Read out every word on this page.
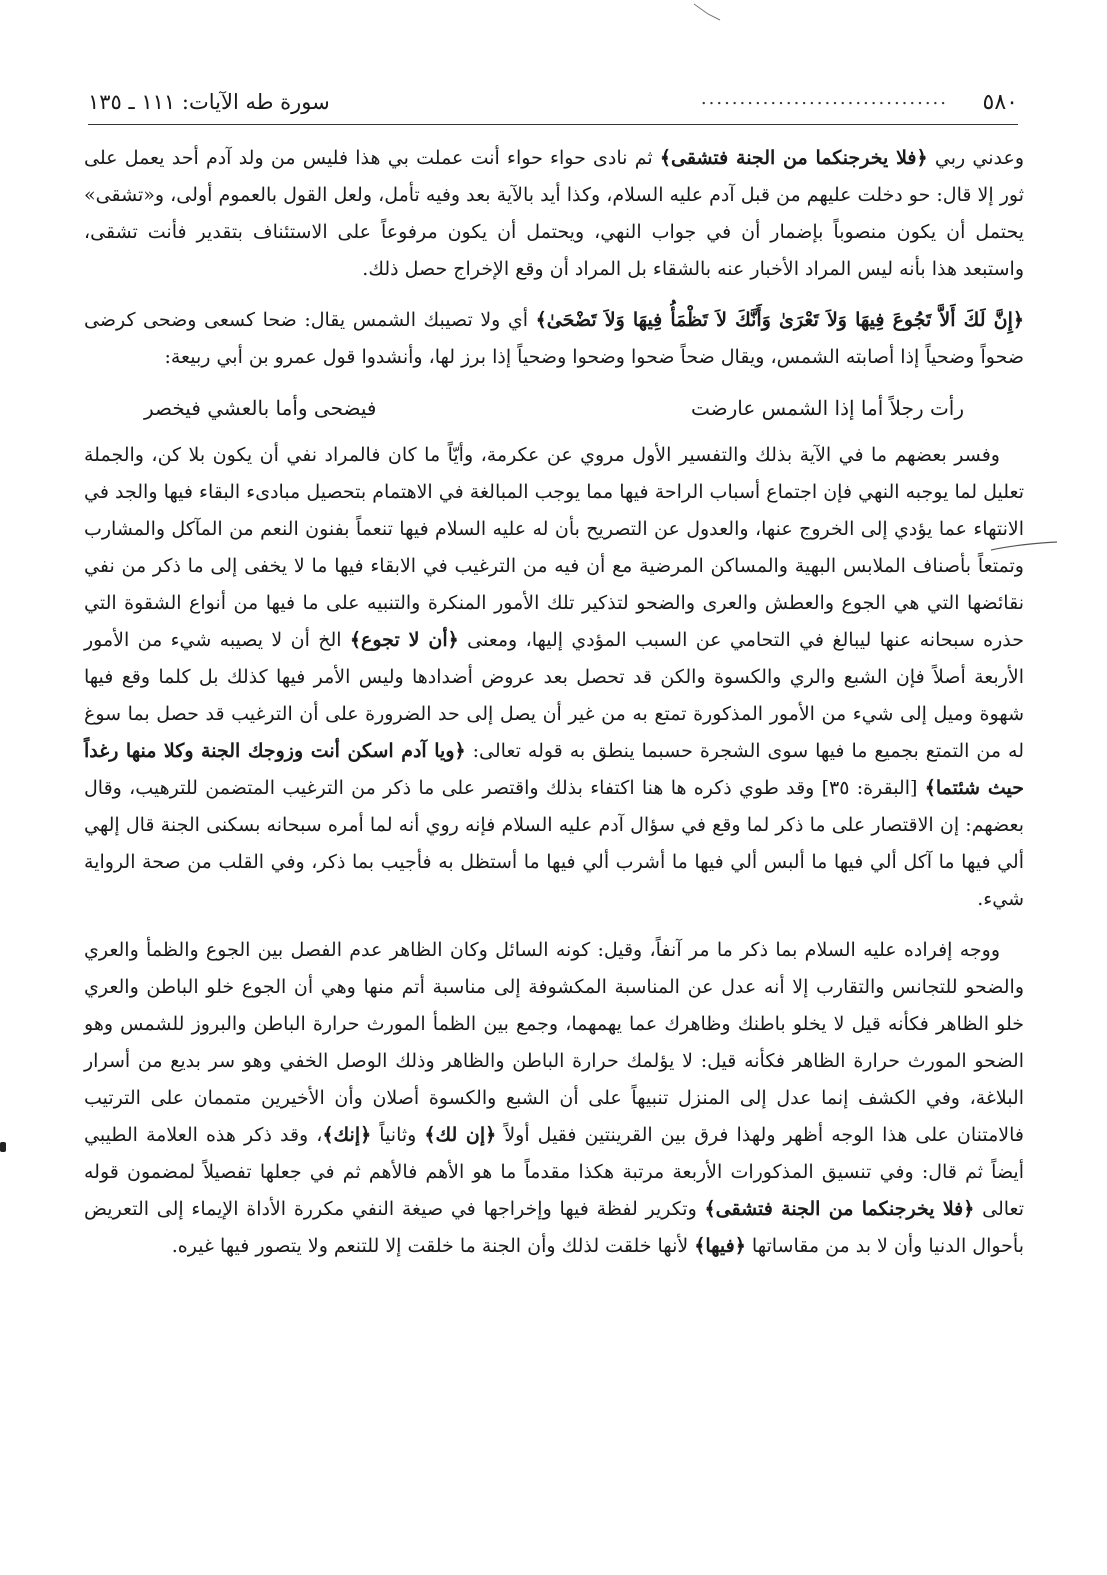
٥٨٠
................................
سورة طه الآيات: ١١١ ـ ١٣٥

وعدني ربي ﴿فلا يخرجنكما من الجنة فتشقى﴾ ثم نادى حواء حواء أنت عملت بي هذا فليس من ولد آدم أحد يعمل على ثور إلا قال: حو دخلت عليهم من قبل آدم عليه السلام، وكذا أيد بالآية بعد وفيه تأمل، ولعل القول بالعموم أولى، و«تشقى» يحتمل أن يكون منصوباً بإضمار أن في جواب النهي، ويحتمل أن يكون مرفوعاً على الاستئناف بتقدير فأنت تشقى، واستبعد هذا بأنه ليس المراد الأخبار عنه بالشقاء بل المراد أن وقع الإخراج حصل ذلك.

﴿إِنَّ لَكَ أَلاَّ تَجُوعَ فِيهَا وَلاَ تَعْرَىٰ وَأَنَّكَ لاَ تَظْمَأُ فِيهَا وَلاَ تَضْحَىٰ﴾ أي ولا تصيبك الشمس يقال: ضحا كسعى وضحى كرضى ضحواً وضحياً إذا أصابته الشمس، ويقال ضحاً ضحوا وضحوا وضحياً إذا برز لها، وأنشدوا قول عمرو بن أبي ربيعة:

رأت رجلاً أما إذا الشمس عارضت
فيضحى وأما بالعشي فيخصر

وفسر بعضهم ما في الآية بذلك والتفسير الأول مروي عن عكرمة، وأيّاً ما كان فالمراد نفي أن يكون بلا كن، والجملة تعليل لما يوجبه النهي فإن اجتماع أسباب الراحة فيها مما يوجب المبالغة في الاهتمام بتحصيل مبادىء البقاء فيها والجد في الانتهاء عما يؤدي إلى الخروج عنها، والعدول عن التصريح بأن له عليه السلام فيها تنعماً بفنون النعم من المآكل والمشارب وتمتعاً بأصناف الملابس البهية والمساكن المرضية مع أن فيه من الترغيب في الابقاء فيها ما لا يخفى إلى ما ذكر من نفي نقائضها التي هي الجوع والعطش والعرى والضحو لتذكير تلك الأمور المنكرة والتنبيه على ما فيها من أنواع الشقوة التي حذره سبحانه عنها ليبالغ في التحامي عن السبب المؤدي إليها، ومعنى ﴿أن لا تجوع﴾ الخ أن لا يصيبه شيء من الأمور الأربعة أصلاً فإن الشبع والري والكسوة والكن قد تحصل بعد عروض أضدادها وليس الأمر فيها كذلك بل كلما وقع فيها شهوة وميل إلى شيء من الأمور المذكورة تمتع به من غير أن يصل إلى حد الضرورة على أن الترغيب قد حصل بما سوغ له من التمتع بجميع ما فيها سوى الشجرة حسبما ينطق به قوله تعالى: ﴿ويا آدم اسكن أنت وزوجك الجنة وكلا منها رغداً حيث شئتما﴾ [البقرة: ٣٥] وقد طوي ذكره ها هنا اكتفاء بذلك واقتصر على ما ذكر من الترغيب المتضمن للترهيب، وقال بعضهم: إن الاقتصار على ما ذكر لما وقع في سؤال آدم عليه السلام فإنه روي أنه لما أمره سبحانه بسكنى الجنة قال إلهي ألي فيها ما آكل ألي فيها ما ألبس ألي فيها ما أشرب ألي فيها ما أستظل به فأجيب بما ذكر، وفي القلب من صحة الرواية شيء.

ووجه إفراده عليه السلام بما ذكر ما مر آنفاً، وقيل: كونه السائل وكان الظاهر عدم الفصل بين الجوع والظمأ والعري والضحو للتجانس والتقارب إلا أنه عدل عن المناسبة المكشوفة إلى مناسبة أتم منها وهي أن الجوع خلو الباطن والعري خلو الظاهر فكأنه قيل لا يخلو باطنك وظاهرك عما يهمهما، وجمع بين الظمأ المورث حرارة الباطن والبروز للشمس وهو الضحو المورث حرارة الظاهر فكأنه قيل: لا يؤلمك حرارة الباطن والظاهر وذلك الوصل الخفي وهو سر بديع من أسرار البلاغة، وفي الكشف إنما عدل إلى المنزل تنبيهاً على أن الشبع والكسوة أصلان وأن الأخيرين متممان على الترتيب فالامتنان على هذا الوجه أظهر ولهذا فرق بين القرينتين فقيل أولاً ﴿إن لك﴾ وثانياً ﴿إنك﴾، وقد ذكر هذه العلامة الطيبي أيضاً ثم قال: وفي تنسيق المذكورات الأربعة مرتبة هكذا مقدماً ما هو الأهم فالأهم ثم في جعلها تفصيلاً لمضمون قوله تعالى ﴿فلا يخرجنكما من الجنة فتشقى﴾ وتكرير لفظة فيها وإخراجها في صيغة النفي مكررة الأداة الإيماء إلى التعريض بأحوال الدنيا وأن لا بد من مقاساتها ﴿فيها﴾ لأنها خلقت لذلك وأن الجنة ما خلقت إلا للتنعم ولا يتصور فيها غيره.
